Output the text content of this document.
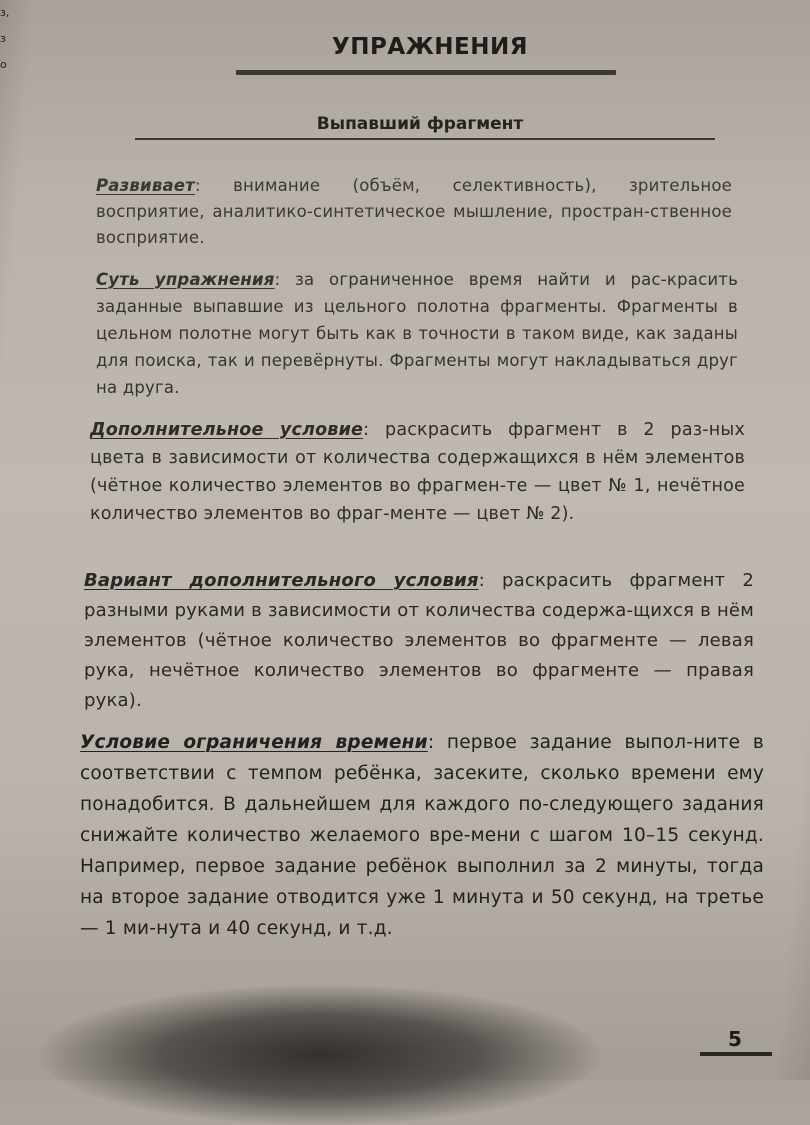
з,
з
о
УПРАЖНЕНИЯ
Выпавший фрагмент

Развивает: внимание (объём, селективность), зрительное восприятие, аналитико-синтетическое мышление, простран-ственное восприятие.

Суть упражнения: за ограниченное время найти и рас-красить заданные выпавшие из цельного полотна фрагменты. Фрагменты в цельном полотне могут быть как в точности в таком виде, как заданы для поиска, так и перевёрнуты. Фрагменты могут накладываться друг на друга.

Дополнительное условие: раскрасить фрагмент в 2 раз-ных цвета в зависимости от количества содержащихся в нём элементов (чётное количество элементов во фрагмен-те — цвет № 1, нечётное количество элементов во фраг-менте — цвет № 2).

Вариант дополнительного условия: раскрасить фрагмент 2 разными руками в зависимости от количества содержа-щихся в нём элементов (чётное количество элементов во фрагменте — левая рука, нечётное количество элементов во фрагменте — правая рука).

Условие ограничения времени: первое задание выпол-ните в соответствии с темпом ребёнка, засеките, сколько времени ему понадобится. В дальнейшем для каждого по-следующего задания снижайте количество желаемого вре-мени с шагом 10–15 секунд. Например, первое задание ребёнок выполнил за 2 минуты, тогда на второе задание отводится уже 1 минута и 50 секунд, на третье — 1 ми-нута и 40 секунд, и т.д.

5
